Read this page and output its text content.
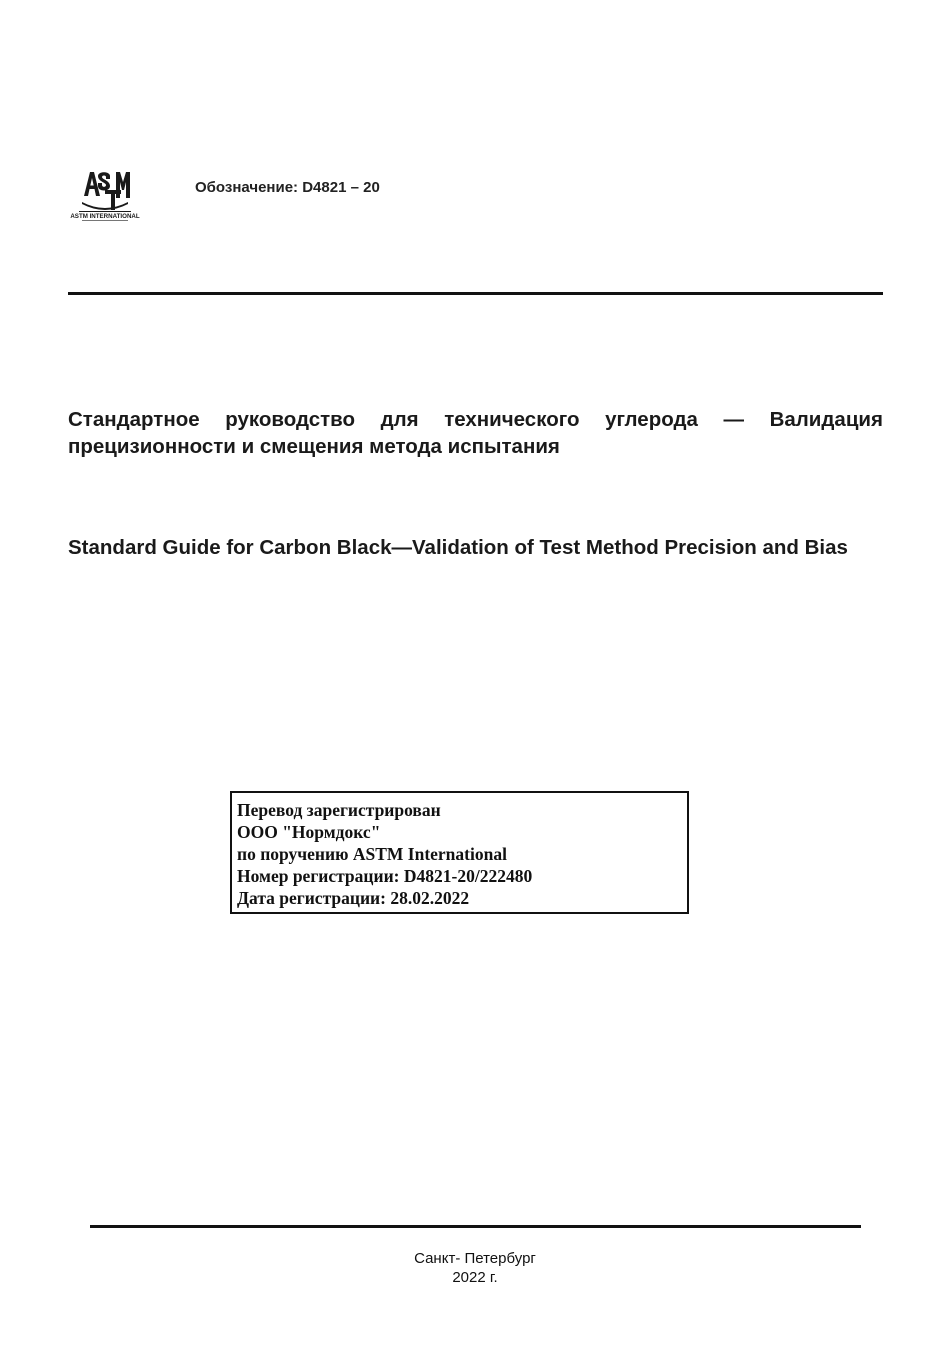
ASTM INTERNATIONAL
Обозначение: D4821 – 20
Стандартное руководство для технического углерода — Валидация прецизионности и смещения метода испытания
Standard Guide for Carbon Black—Validation of Test Method Precision and Bias
Перевод зарегистрирован
ООО "Нормдокс"
по поручению ASTM International
Номер регистрации: D4821-20/222480
Дата регистрации: 28.02.2022
Санкт- Петербург
2022 г.
